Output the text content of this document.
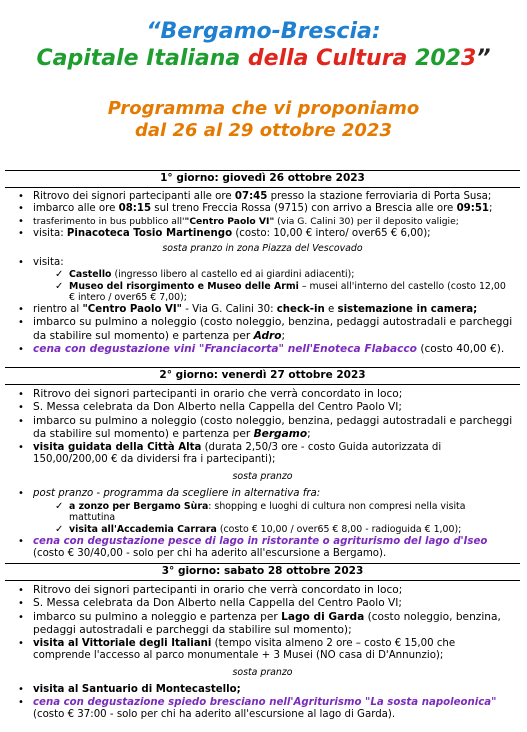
“Bergamo-Brescia:
Capitale Italiana della Cultura 2023”
Programma che vi proponiamo
dal 26 al 29 ottobre 2023
1° giorno: giovedì 26 ottobre 2023
• Ritrovo dei signori partecipanti alle ore 07:45 presso la stazione ferroviaria di Porta Susa;
• imbarco alle ore 08:15 sul treno Freccia Rossa (9715) con arrivo a Brescia alle ore 09:51;
• trasferimento in bus pubblico all'"Centro Paolo VI" (via G. Calini 30) per il deposito valigie;
• visita: Pinacoteca Tosio Martinengo (costo: 10,00 € intero/ over65 € 6,00);
sosta pranzo in zona Piazza del Vescovado
• visita:
✓ Castello (ingresso libero al castello ed ai giardini adiacenti);
✓ Museo del risorgimento e Museo delle Armi – musei all'interno del castello (costo 12,00 € intero / over65 € 7,00);
• rientro al "Centro Paolo VI" - Via G. Calini 30: check-in e sistemazione in camera;
• imbarco su pulmino a noleggio (costo noleggio, benzina, pedaggi autostradali e parcheggi da stabilire sul momento) e partenza per Adro;
• cena con degustazione vini "Franciacorta" nell'Enoteca Flabacco (costo 40,00 €).
2° giorno: venerdì 27 ottobre 2023
• Ritrovo dei signori partecipanti in orario che verrà concordato in loco;
• S. Messa celebrata da Don Alberto nella Cappella del Centro Paolo VI;
• imbarco su pulmino a noleggio (costo noleggio, benzina, pedaggi autostradali e parcheggi da stabilire sul momento) e partenza per Bergamo;
• visita guidata della Città Alta (durata 2,50/3 ore - costo Guida autorizzata di 150,00/200,00 € da dividersi fra i partecipanti);
sosta pranzo
• post pranzo - programma da scegliere in alternativa fra:
✓ a zonzo per Bergamo Sùra: shopping e luoghi di cultura non compresi nella visita mattutina
✓ visita all'Accademia Carrara (costo € 10,00 / over65 € 8,00 - radioguida € 1,00);
• cena con degustazione pesce di lago in ristorante o agriturismo del lago d'Iseo (costo € 30/40,00 - solo per chi ha aderito all'escursione a Bergamo).
3° giorno: sabato 28 ottobre 2023
• Ritrovo dei signori partecipanti in orario che verrà concordato in loco;
• S. Messa celebrata da Don Alberto nella Cappella del Centro Paolo VI;
• imbarco su pulmino a noleggio e partenza per Lago di Garda (costo noleggio, benzina, pedaggi autostradali e parcheggi da stabilire sul momento);
• visita al Vittoriale degli Italiani (tempo visita almeno 2 ore – costo € 15,00 che comprende l'accesso al parco monumentale + 3 Musei (NO casa di D'Annunzio);
sosta pranzo
• visita al Santuario di Montecastello;
• cena con degustazione spiedo bresciano nell'Agriturismo "La sosta napoleonica" (costo € 37:00 - solo per chi ha aderito all'escursione al lago di Garda).
